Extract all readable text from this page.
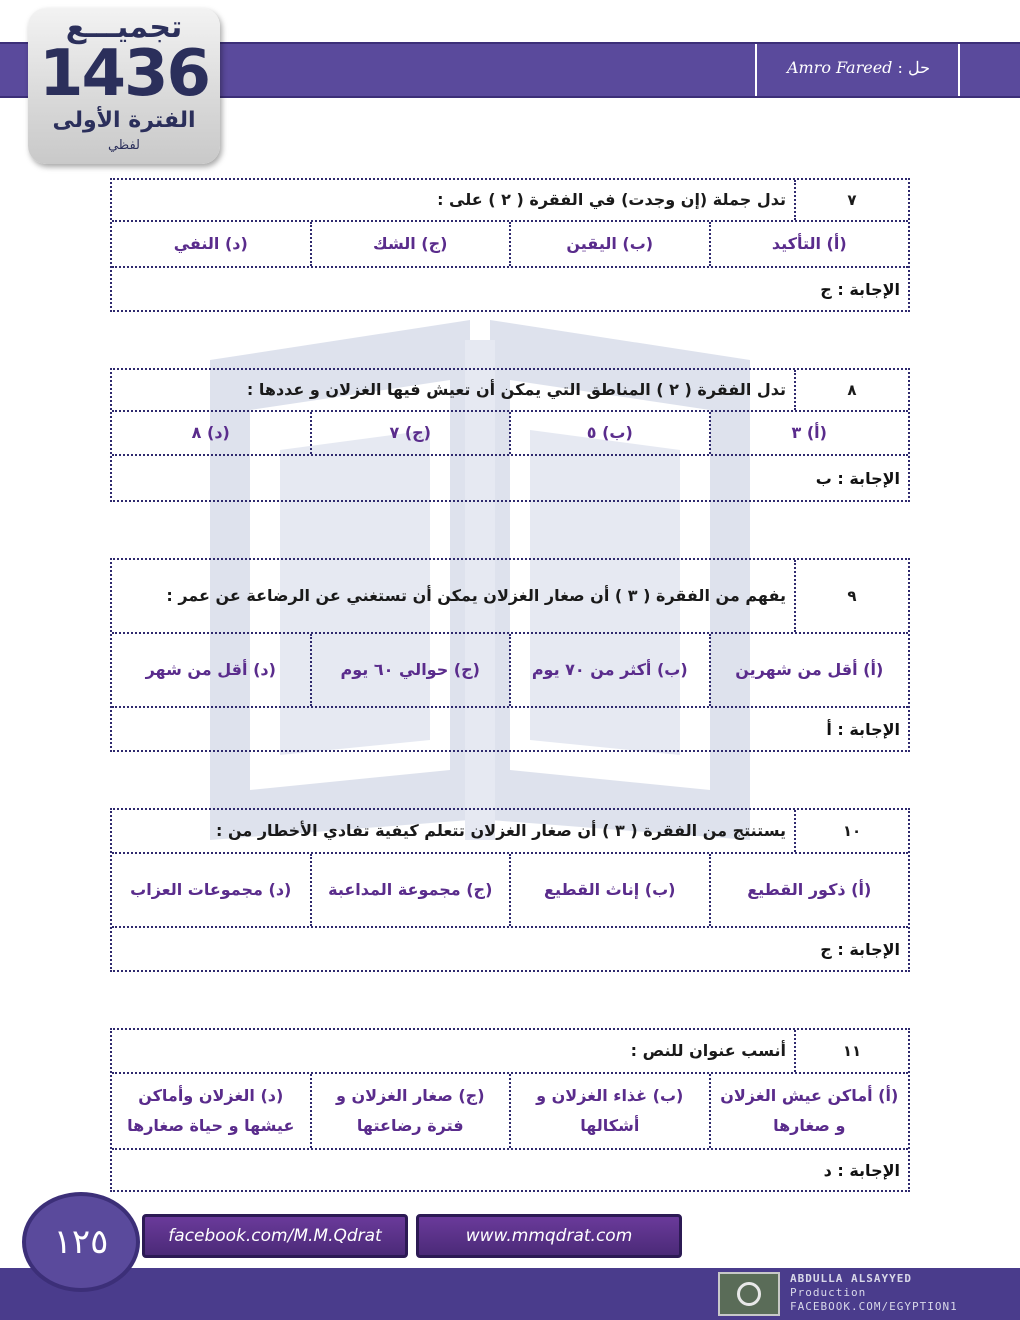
حل : Amro Fareed
تجميـــع
1436
الفترة الأولى
لفظي
٧
تدل جملة (إن وجدت) في الفقرة ( ٢ ) على :
(أ) التأكيد
(ب) اليقين
(ج) الشك
(د) النفي
الإجابة : ج
٨
تدل الفقرة ( ٢ ) المناطق التي يمكن أن تعيش فيها الغزلان و عددها :
(أ) ٣
(ب) ٥
(ج) ٧
(د) ٨
الإجابة : ب
٩
يفهم من الفقرة ( ٣ ) أن صغار الغزلان يمكن أن تستغني عن الرضاعة عن عمر :
(أ) أقل من شهرين
(ب) أكثر من ٧٠ يوم
(ج) حوالي ٦٠ يوم
(د) أقل من شهر
الإجابة : أ
١٠
يستنتج من الفقرة ( ٣ ) أن صغار الغزلان تتعلم كيفية تفادي الأخطار من :
(أ) ذكور القطيع
(ب) إناث القطيع
(ج) مجموعة المداعبة
(د) مجموعات العزاب
الإجابة : ج
١١
أنسب عنوان للنص :
(أ) أماكن عيش الغزلان و صغارها
(ب) غذاء الغزلان و أشكالها
(ج) صغار الغزلان و فترة رضاعتها
(د) الغزلان وأماكن عيشها و حياة صغارها
الإجابة : د
١٢٥	facebook.com/M.M.Qdrat	www.mmqdrat.com
ABDULLA ALSAYYED
Production
FACEBOOK.COM/EGYPTION1
